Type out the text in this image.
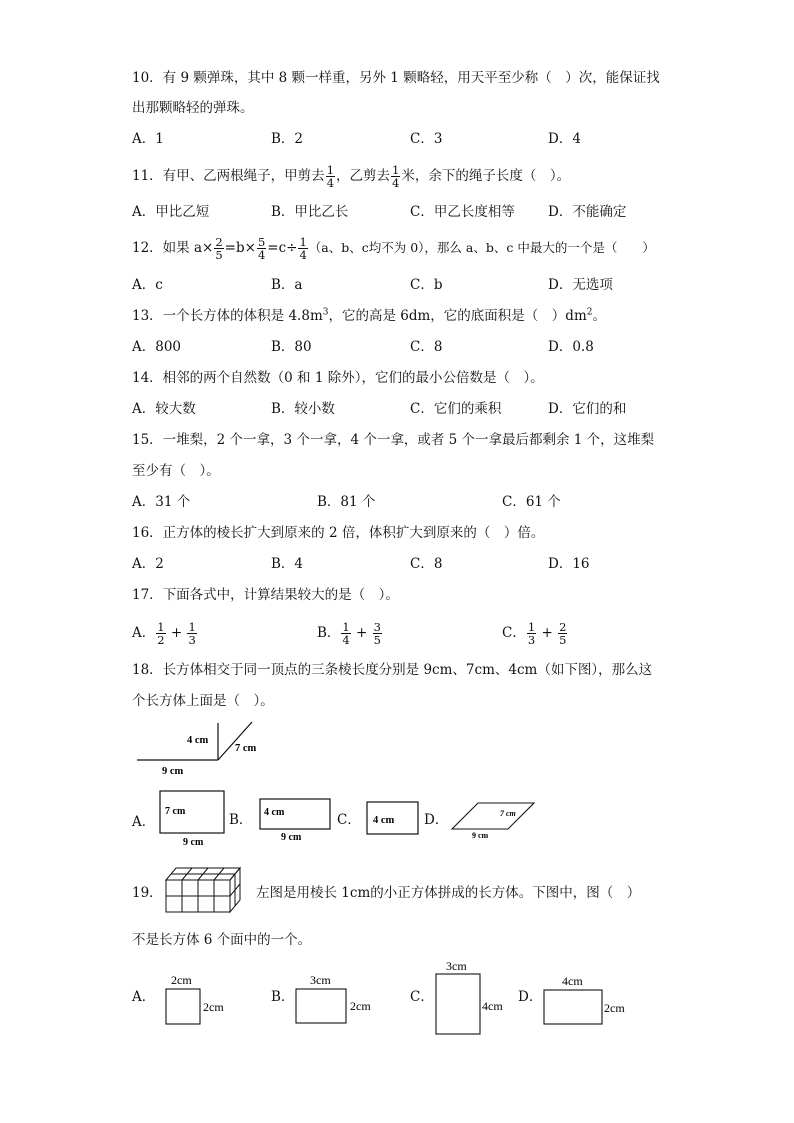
10．有 9 颗弹珠，其中 8 颗一样重，另外 1 颗略轻，用天平至少称（　）次，能保证找
出那颗略轻的弹珠。
A．1	B．2	C．3	D．4
11．有甲、乙两根绳子，甲剪去 $\frac{1}{4}$ ，乙剪去 $\frac{1}{4}$ 米，余下的绳子长度（　）。
A．甲比乙短	B．甲比乙长	C．甲乙长度相等 D．不能确定
12．如果 $a\times \frac{2}{5} =b\times \frac{5}{4} =c\div \frac{1}{4} (a$、b、c均不为 0），那么 a、b、c 中最大的一个是（　　）
A．c	B．a	C．b	D．无选项
13．一个长方体的体积是 $4.8m^3$，它的高是 6dm，它的底面积是（　）$dm^2$。
A．800	B．80	C．8	D．0.8
14．相邻的两个自然数（0 和 1 除外），它们的最小公倍数是（　）。
A．较大数	B．较小数	C．它们的乘积	D．它们的和
15．一堆梨，2 个一拿，3 个一拿，4 个一拿，或者 5 个一拿最后都剩余 1 个，这堆梨
至少有（　）。
A．31 个	B．81 个	C．61 个
16．正方体的棱长扩大到原来的 2 倍，体积扩大到原来的（　）倍。
A．2	B．4	C．8	D．16
17．下面各式中，计算结果较大的是（　）。
A． $\frac{1}{2} + \frac{1}{3}$	B． $\frac{1}{4} + \frac{3}{5}$	C． $\frac{1}{3} + \frac{2}{5}$
18．长方体相交于同一顶点的三条棱长度分别是 9cm、7cm、4cm（如下图），那么这
个长方体上面是（　）。
4 cm
7 cm
9 cm
A．
7 cm
9 cm
B． 4 cm
9 cm
C． 4 cm D．	7 cm
9 cm
19．	左图是用棱长 1cm的小正方体拼成的长方体。下图中，图（　）
不是长方体 6 个面中的一个。
A．
2cm
2cm
B．
3cm
2cm
C．
3cm
4cm
D．
4cm
2cm
